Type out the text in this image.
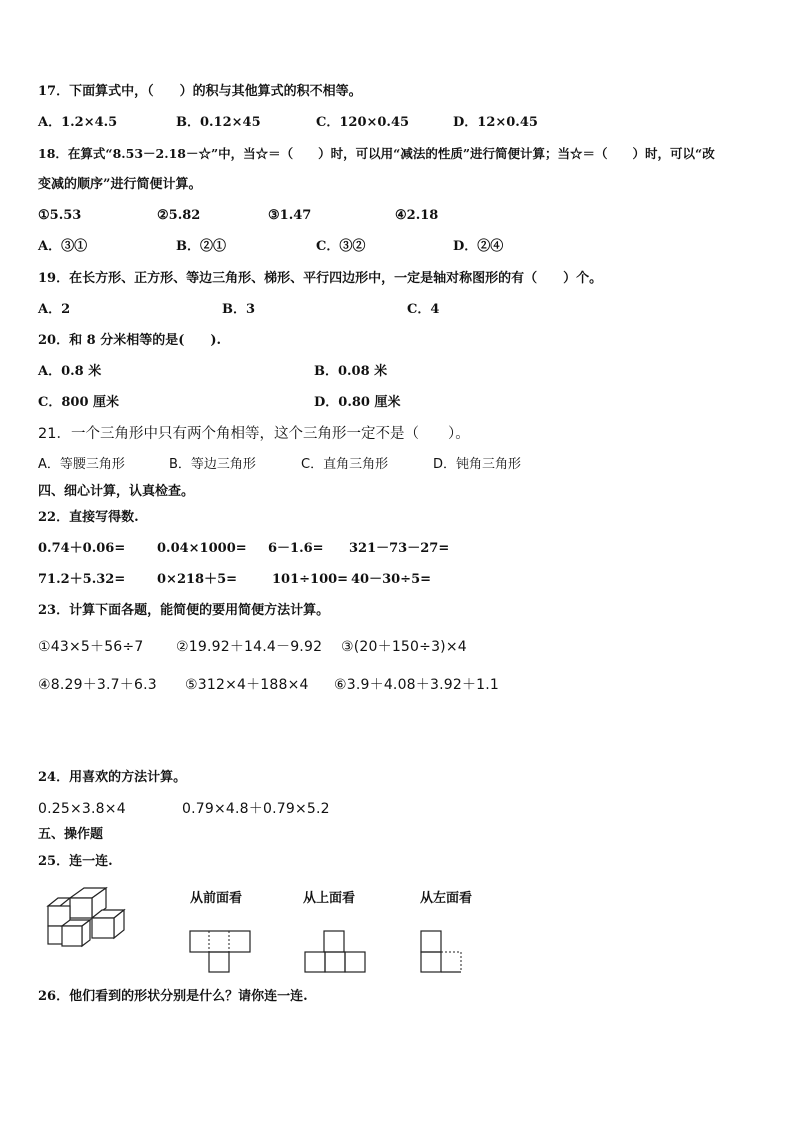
17．下面算式中，（　　）的积与其他算式的积不相等。
A．1.2×4.5	B．0.12×45	C．120×0.45	D．12×0.45
18．在算式“8.53－2.18－☆”中，当☆＝（　　）时，可以用“减法的性质”进行简便计算；当☆＝（　　）时，可以“改
变减的顺序”进行简便计算。
①5.53	②5.82	③1.47	④2.18
A．③①	B．②①	C．③②	D．②④
19．在长方形、正方形、等边三角形、梯形、平行四边形中，一定是轴对称图形的有（　　）个。
A．2	B．3	C．4
20．和 8 分米相等的是(　　).
A．0.8 米	B．0.08 米
C．800 厘米	D．0.80 厘米
21．一个三角形中只有两个角相等，这个三角形一定不是（　　）。
A．等腰三角形	B．等边三角形	C．直角三角形	D．钝角三角形
四、细心计算，认真检查。
22．直接写得数.
0.74＋0.06= 0.04×1000= 6－1.6= 321－73－27=
71.2＋5.32= 0×218＋5=	101÷100= 40－30÷5=
23．计算下面各题，能简便的要用简便方法计算。
①43×5＋56÷7 ②19.92＋14.4－9.92 ③(20＋150÷3)×4
④8.29＋3.7＋6.3 ⑤312×4＋188×4 ⑥3.9＋4.08＋3.92＋1.1
24．用喜欢的方法计算。
0.25×3.8×4	0.79×4.8＋0.79×5.2
五、操作题
25．连一连.
从前面看	从上面看	从左面看
26．他们看到的形状分别是什么？请你连一连.
